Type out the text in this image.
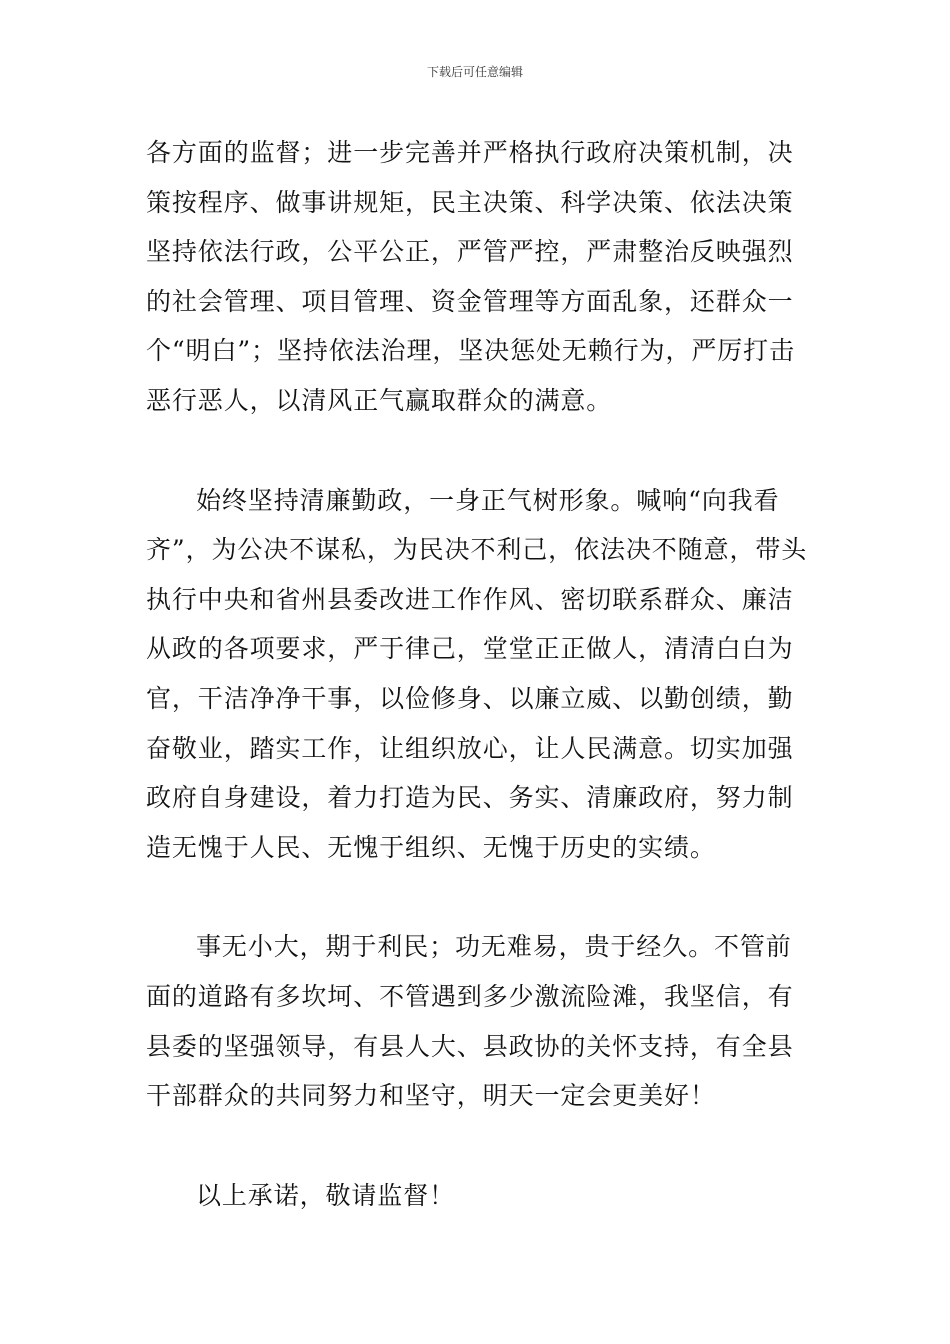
下载后可任意编辑

各方面的监督；进一步完善并严格执行政府决策机制，决策按程序、做事讲规矩，民主决策、科学决策、依法决策坚持依法行政，公平公正，严管严控，严肃整治反映强烈的社会管理、项目管理、资金管理等方面乱象，还群众一个“明白”；坚持依法治理，坚决惩处无赖行为，严厉打击恶行恶人，以清风正气赢取群众的满意。

始终坚持清廉勤政，一身正气树形象。喊响“向我看齐”，为公决不谋私，为民决不利己，依法决不随意，带头执行中央和省州县委改进工作作风、密切联系群众、廉洁从政的各项要求，严于律己，堂堂正正做人，清清白白为官，干洁净净干事，以俭修身、以廉立威、以勤创绩，勤奋敬业，踏实工作，让组织放心，让人民满意。切实加强政府自身建设，着力打造为民、务实、清廉政府，努力制造无愧于人民、无愧于组织、无愧于历史的实绩。

事无小大，期于利民；功无难易，贵于经久。不管前面的道路有多坎坷、不管遇到多少激流险滩，我坚信，有县委的坚强领导，有县人大、县政协的关怀支持，有全县干部群众的共同努力和坚守，明天一定会更美好！

以上承诺，敬请监督！
